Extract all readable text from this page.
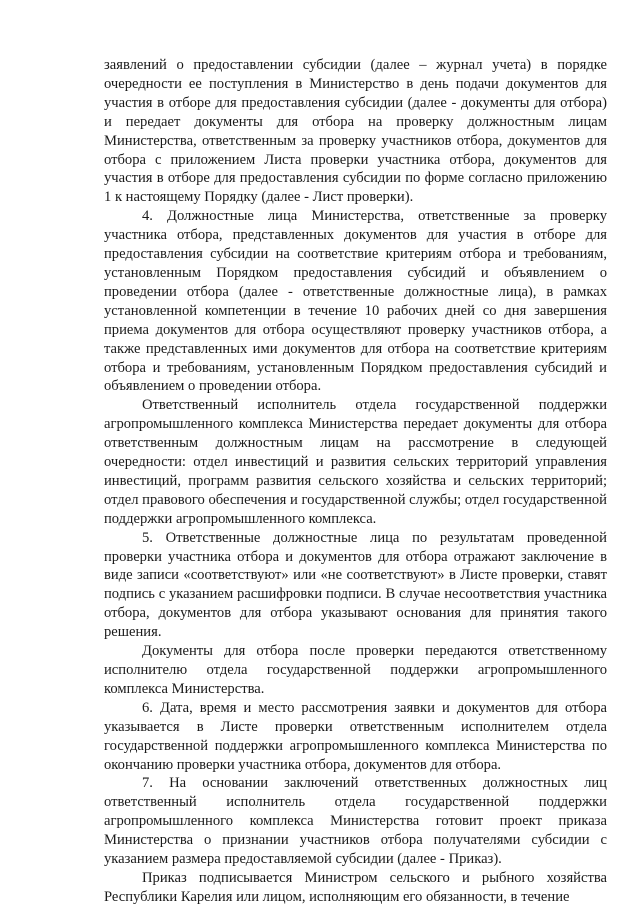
заявлений о предоставлении субсидии (далее – журнал учета) в порядке очередности ее поступления в Министерство в день подачи документов для участия в отборе для предоставления субсидии (далее - документы для отбора) и передает документы для отбора на проверку должностным лицам Министерства, ответственным за проверку участников отбора, документов для отбора с приложением Листа проверки участника отбора, документов для участия в отборе для предоставления субсидии по форме согласно приложению 1 к настоящему Порядку (далее - Лист проверки).

4. Должностные лица Министерства, ответственные за проверку участника отбора, представленных документов для участия в отборе для предоставления субсидии на соответствие критериям отбора и требованиям, установленным Порядком предоставления субсидий и объявлением о проведении отбора (далее - ответственные должностные лица), в рамках установленной компетенции в течение 10 рабочих дней со дня завершения приема документов для отбора осуществляют проверку участников отбора, а также представленных ими документов для отбора на соответствие критериям отбора и требованиям, установленным Порядком предоставления субсидий и объявлением о проведении отбора.

Ответственный исполнитель отдела государственной поддержки агропромышленного комплекса Министерства передает документы для отбора ответственным должностным лицам на рассмотрение в следующей очередности: отдел инвестиций и развития сельских территорий управления инвестиций, программ развития сельского хозяйства и сельских территорий; отдел правового обеспечения и государственной службы; отдел государственной поддержки агропромышленного комплекса.

5. Ответственные должностные лица по результатам проведенной проверки участника отбора и документов для отбора отражают заключение в виде записи «соответствуют» или «не соответствуют» в Листе проверки, ставят подпись с указанием расшифровки подписи. В случае несоответствия участника отбора, документов для отбора указывают основания для принятия такого решения.

Документы для отбора после проверки передаются ответственному исполнителю отдела государственной поддержки агропромышленного комплекса Министерства.

6. Дата, время и место рассмотрения заявки и документов для отбора указывается в Листе проверки ответственным исполнителем отдела государственной поддержки агропромышленного комплекса Министерства по окончанию проверки участника отбора, документов для отбора.

7. На основании заключений ответственных должностных лиц ответственный исполнитель отдела государственной поддержки агропромышленного комплекса Министерства готовит проект приказа Министерства о признании участников отбора получателями субсидии с указанием размера предоставляемой субсидии (далее - Приказ).

Приказ подписывается Министром сельского и рыбного хозяйства Республики Карелия или лицом, исполняющим его обязанности, в течение
